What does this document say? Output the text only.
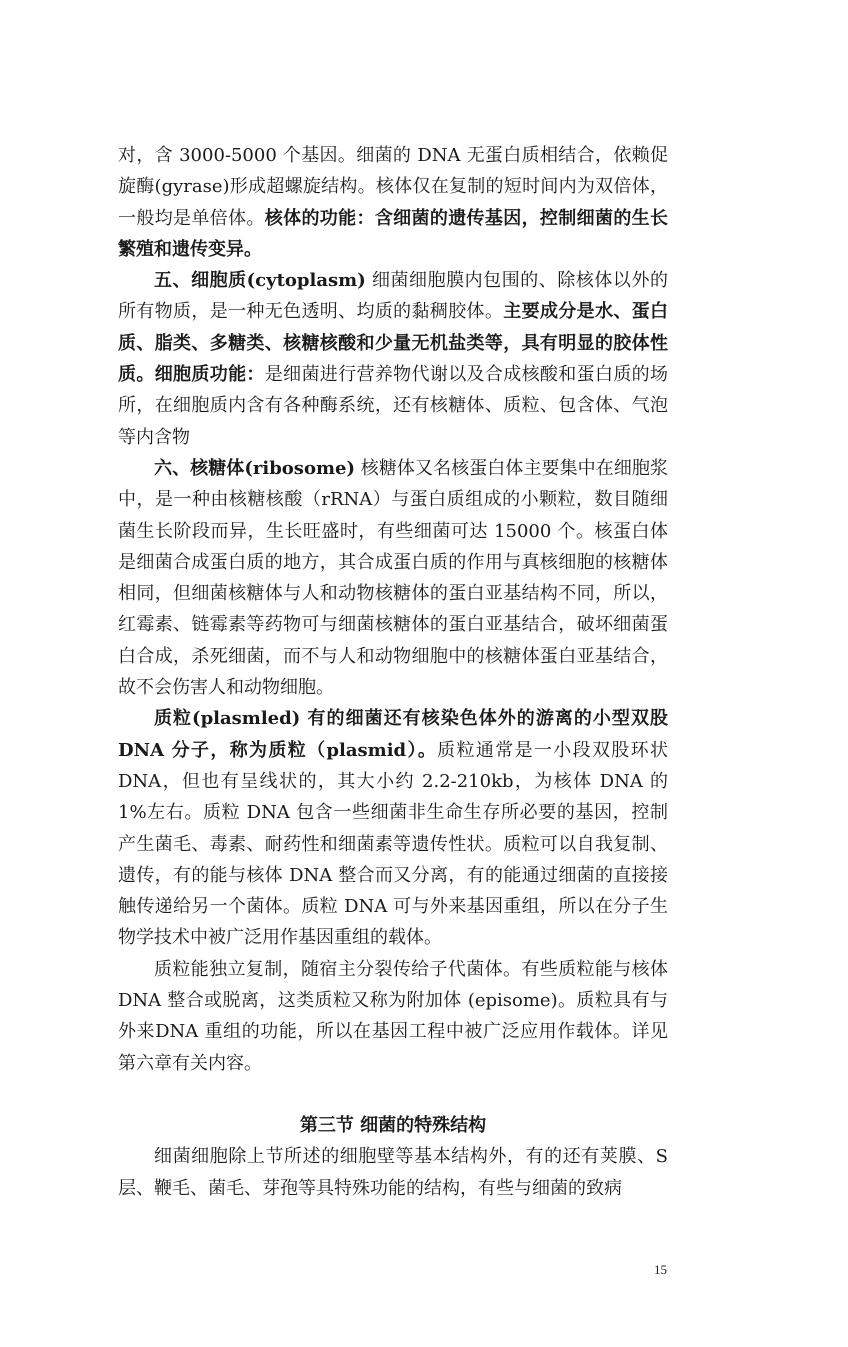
对，含 3000-5000 个基因。细菌的 DNA 无蛋白质相结合，依赖促旋酶(gyrase)形成超螺旋结构。核体仅在复制的短时间内为双倍体，一般均是单倍体。核体的功能：含细菌的遗传基因，控制细菌的生长繁殖和遗传变异。

五、细胞质(cytoplasm) 细菌细胞膜内包围的、除核体以外的所有物质，是一种无色透明、均质的黏稠胶体。主要成分是水、蛋白质、脂类、多糖类、核糖核酸和少量无机盐类等，具有明显的胶体性质。细胞质功能：是细菌进行营养物代谢以及合成核酸和蛋白质的场所，在细胞质内含有各种酶系统，还有核糖体、质粒、包含体、气泡等内含物

六、核糖体(ribosome) 核糖体又名核蛋白体主要集中在细胞浆中，是一种由核糖核酸（rRNA）与蛋白质组成的小颗粒，数目随细菌生长阶段而异，生长旺盛时，有些细菌可达 15000 个。核蛋白体是细菌合成蛋白质的地方，其合成蛋白质的作用与真核细胞的核糖体相同，但细菌核糖体与人和动物核糖体的蛋白亚基结构不同，所以，红霉素、链霉素等药物可与细菌核糖体的蛋白亚基结合，破坏细菌蛋白合成，杀死细菌，而不与人和动物细胞中的核糖体蛋白亚基结合，故不会伤害人和动物细胞。

质粒(plasmled) 有的细菌还有核染色体外的游离的小型双股 DNA 分子，称为质粒（plasmid）。质粒通常是一小段双股环状DNA，但也有呈线状的，其大小约 2.2-210kb，为核体 DNA 的 1%左右。质粒 DNA 包含一些细菌非生命生存所必要的基因，控制产生菌毛、毒素、耐药性和细菌素等遗传性状。质粒可以自我复制、遗传，有的能与核体 DNA 整合而又分离，有的能通过细菌的直接接触传递给另一个菌体。质粒 DNA 可与外来基因重组，所以在分子生物学技术中被广泛用作基因重组的载体。

质粒能独立复制，随宿主分裂传给子代菌体。有些质粒能与核体 DNA 整合或脱离，这类质粒又称为附加体 (episome)。质粒具有与外来DNA 重组的功能，所以在基因工程中被广泛应用作载体。详见第六章有关内容。

第三节 细菌的特殊结构

细菌细胞除上节所述的细胞壁等基本结构外，有的还有荚膜、S 层、鞭毛、菌毛、芽孢等具特殊功能的结构，有些与细菌的致病

15
